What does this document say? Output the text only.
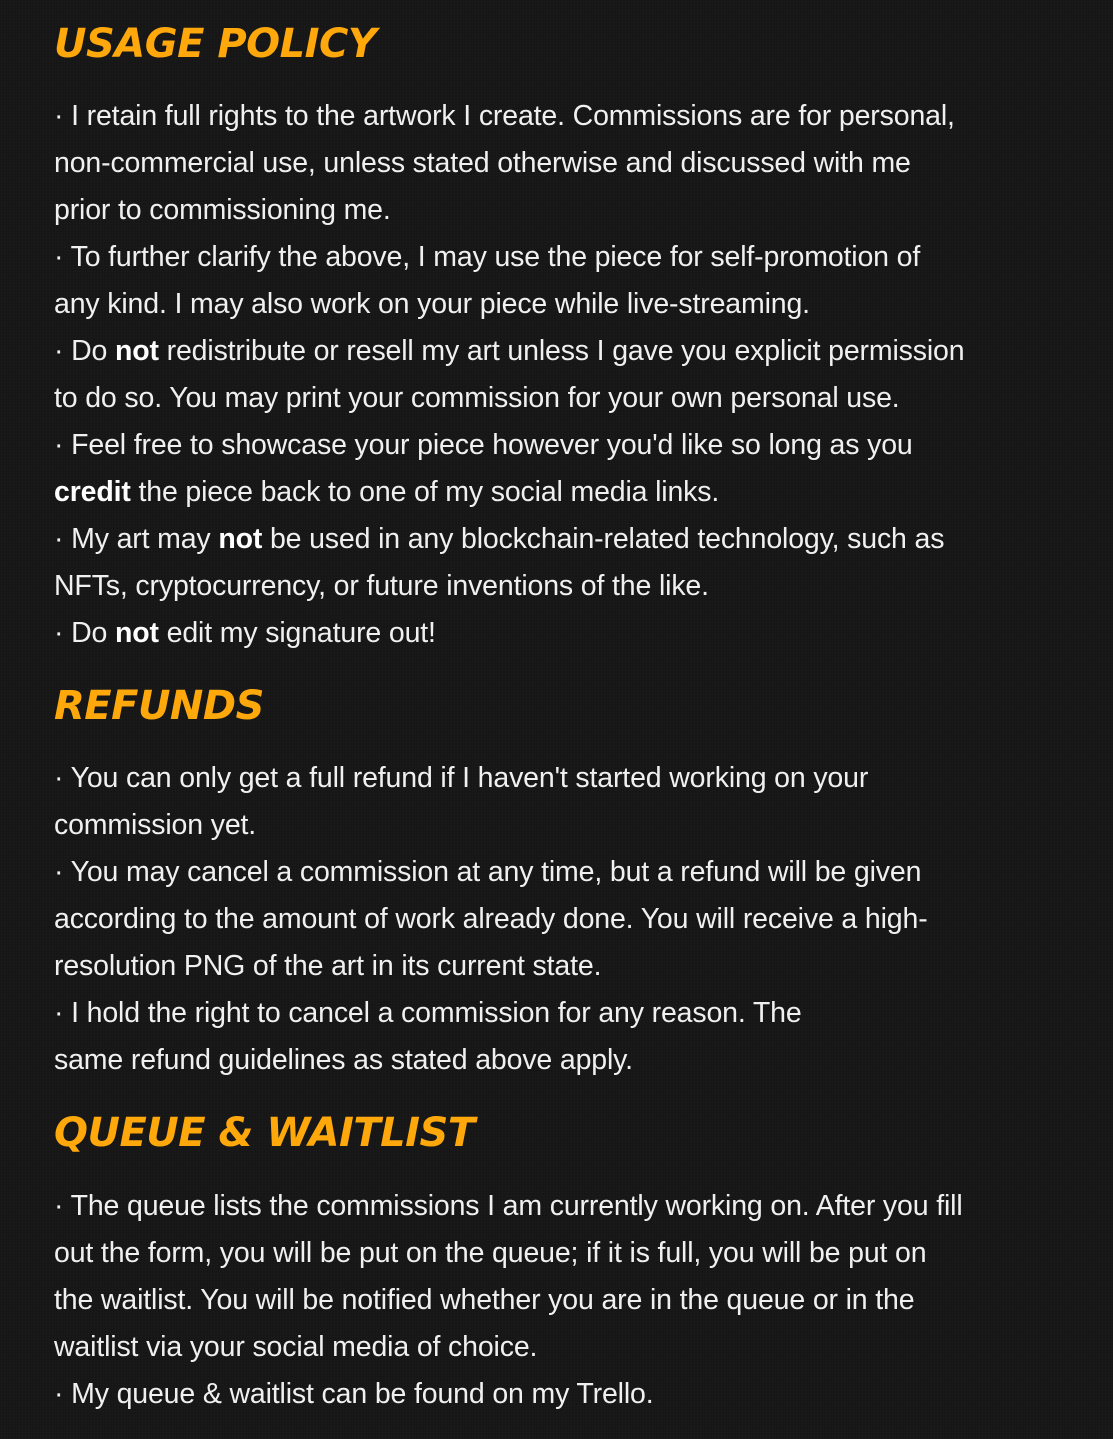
USAGE POLICY
· I retain full rights to the artwork I create. Commissions are for personal,
non-commercial use, unless stated otherwise and discussed with me
prior to commissioning me.
· To further clarify the above, I may use the piece for self-promotion of
any kind. I may also work on your piece while live-streaming.
· Do not redistribute or resell my art unless I gave you explicit permission
to do so. You may print your commission for your own personal use.
· Feel free to showcase your piece however you'd like so long as you
credit the piece back to one of my social media links.
· My art may not be used in any blockchain-related technology, such as
NFTs, cryptocurrency, or future inventions of the like.
· Do not edit my signature out!
REFUNDS
· You can only get a full refund if I haven't started working on your
commission yet.
· You may cancel a commission at any time, but a refund will be given
according to the amount of work already done. You will receive a high-
resolution PNG of the art in its current state.
· I hold the right to cancel a commission for any reason. The
same refund guidelines as stated above apply.
QUEUE & WAITLIST
· The queue lists the commissions I am currently working on. After you fill
out the form, you will be put on the queue; if it is full, you will be put on
the waitlist. You will be notified whether you are in the queue or in the
waitlist via your social media of choice.
· My queue & waitlist can be found on my Trello.
